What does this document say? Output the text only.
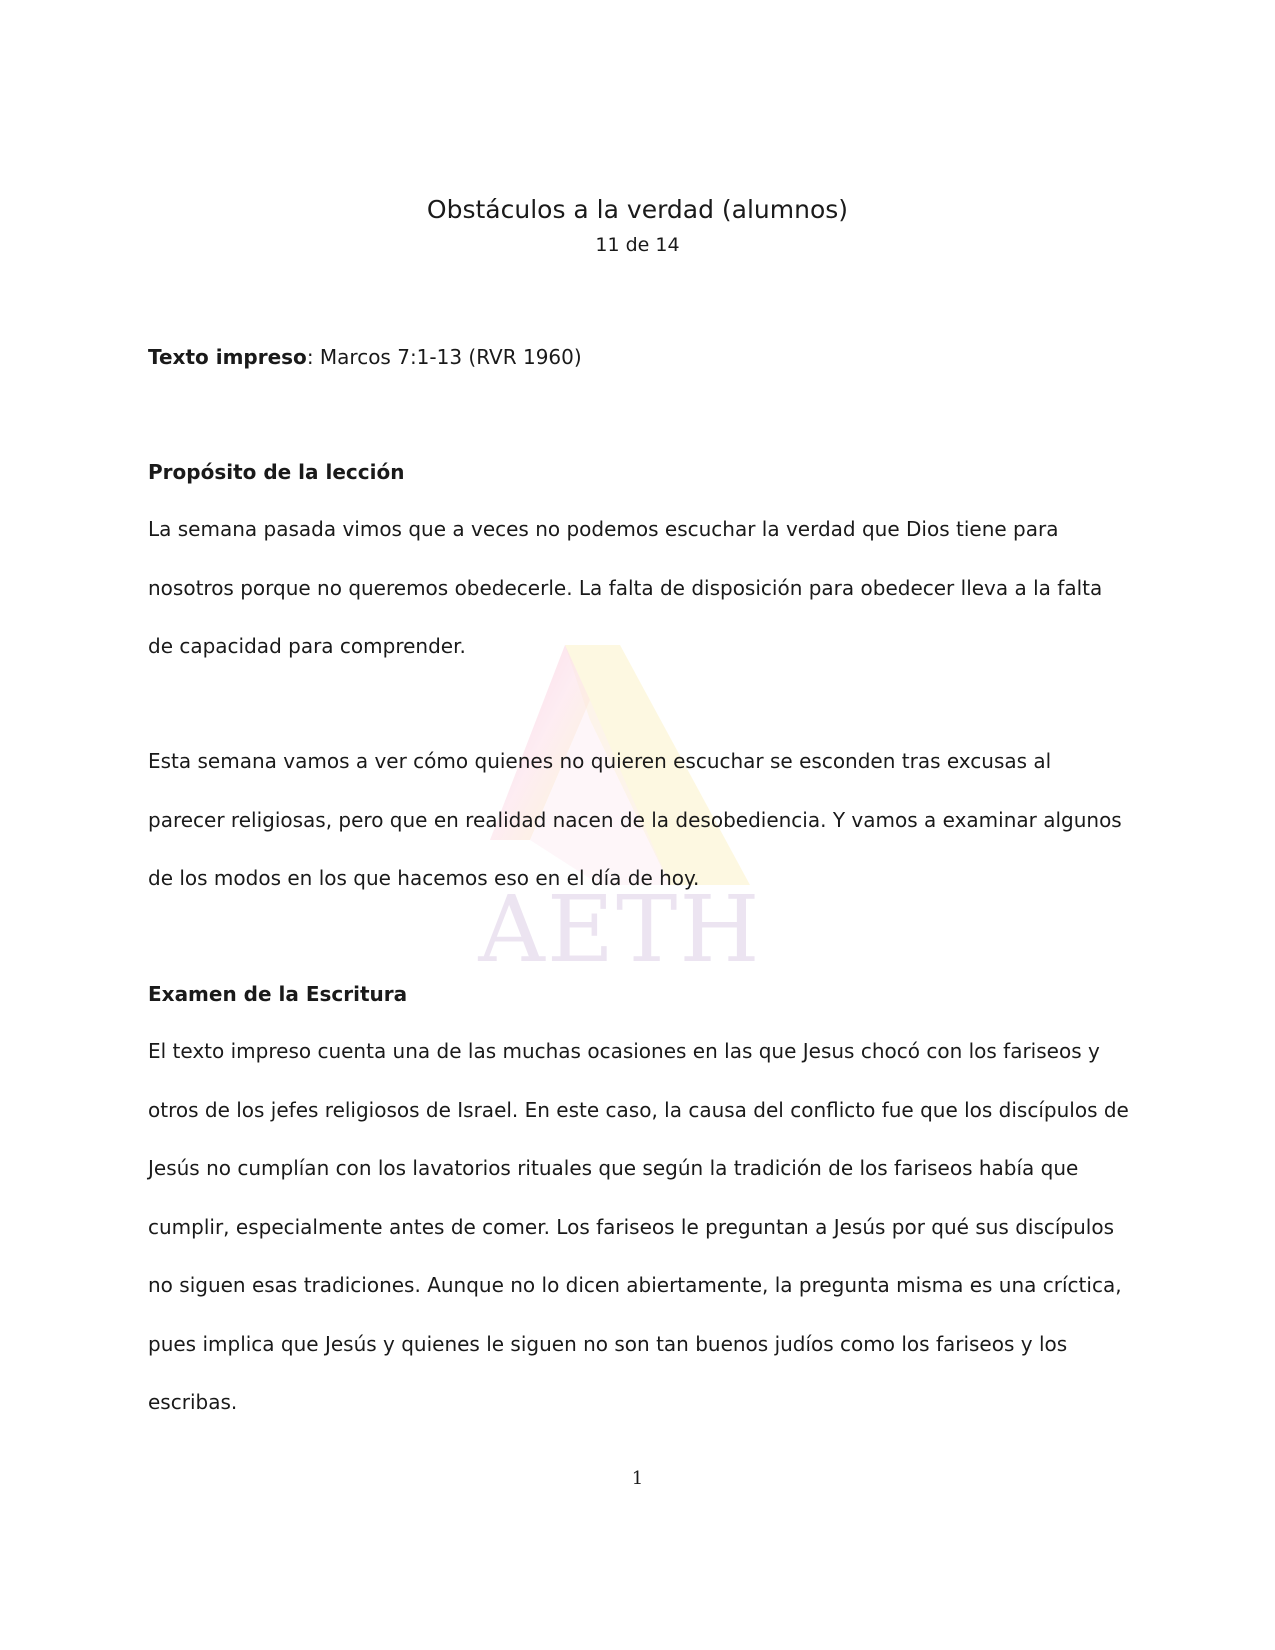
AETH
Obstáculos a la verdad (alumnos)
11 de 14
Texto impreso: Marcos 7:1-13 (RVR 1960)
Propósito de la lección

La semana pasada vimos que a veces no podemos escuchar la verdad que Dios tiene para nosotros porque no queremos obedecerle. La falta de disposición para obedecer lleva a la falta de capacidad para comprender.

Esta semana vamos a ver cómo quienes no quieren escuchar se esconden tras excusas al parecer religiosas, pero que en realidad nacen de la desobediencia. Y vamos a examinar algunos de los modos en los que hacemos eso en el día de hoy.

Examen de la Escritura

El texto impreso cuenta una de las muchas ocasiones en las que Jesus chocó con los fariseos y otros de los jefes religiosos de Israel. En este caso, la causa del conflicto fue que los discípulos de Jesús no cumplían con los lavatorios rituales que según la tradición de los fariseos había que cumplir, especialmente antes de comer. Los fariseos le preguntan a Jesús por qué sus discípulos no siguen esas tradiciones. Aunque no lo dicen abiertamente, la pregunta misma es una críctica, pues implica que Jesús y quienes le siguen no son tan buenos judíos como los fariseos y los escribas.

1
